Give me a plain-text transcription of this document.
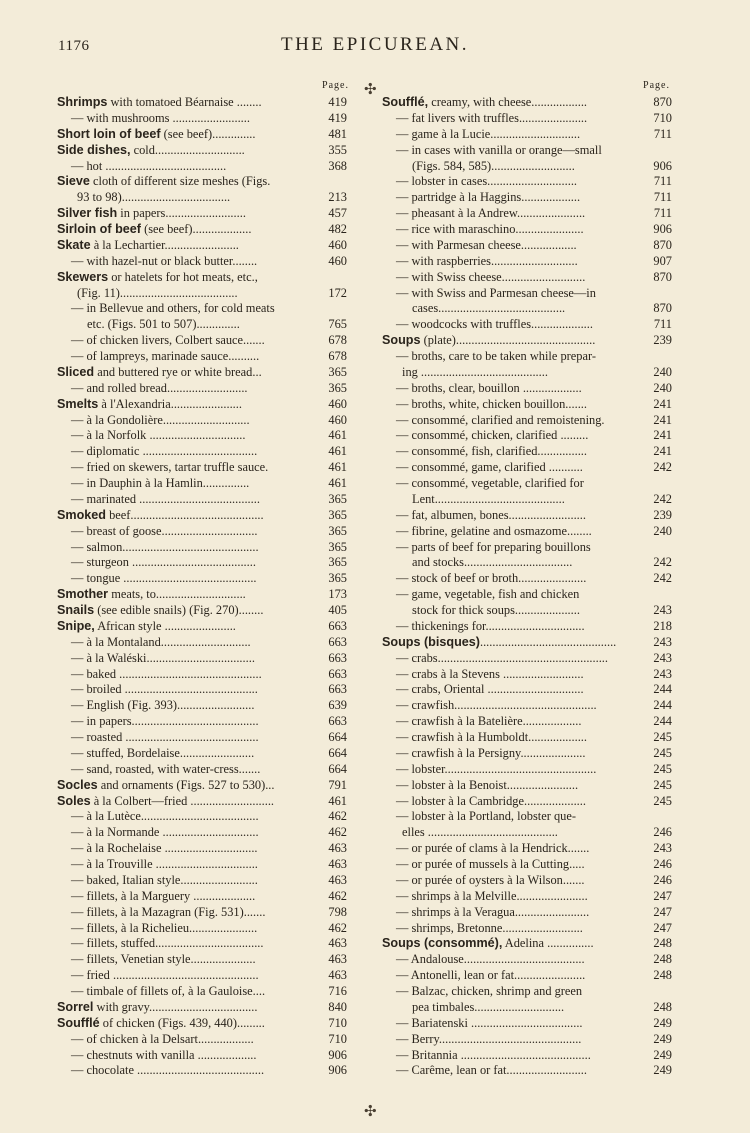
1176	THE EPICUREAN.
Page.
Shrimps with tomatoed Béarnaise ........	419
— with mushrooms .........................	419
Short loin of beef (see beef)..............	481
Side dishes, cold.............................	355
— hot .......................................	368
Sieve cloth of different size meshes (Figs.
93 to 98)...................................	213
Silver fish in papers..........................	457
Sirloin of beef (see beef)...................	482
Skate à la Lechartier........................	460
— with hazel-nut or black butter........	460
Skewers or hatelets for hot meats, etc.,
(Fig. 11)......................................	172
— in Bellevue and others, for cold meats
etc. (Figs. 501 to 507)..............	765
— of chicken livers, Colbert sauce.......	678
— of lampreys, marinade sauce..........	678
Sliced and buttered rye or white bread...	365
— and rolled bread..........................	365
Smelts à l'Alexandria.......................	460
— à la Gondolière............................	460
— à la Norfolk ...............................	461
— diplomatic .....................................	461
— fried on skewers, tartar truffle sauce.	461
— in Dauphin à la Hamlin...............	461
— marinated .......................................	365
Smoked beef...........................................	365
— breast of goose...............................	365
— salmon............................................	365
— sturgeon ........................................	365
— tongue ...........................................	365
Smother meats, to.............................	173
Snails (see edible snails) (Fig. 270)........	405
Snipe, African style .......................	663
— à la Montaland.............................	663
— à la Waléski...................................	663
— baked ..............................................	663
— broiled ...........................................	663
— English (Fig. 393).........................	639
— in papers.........................................	663
— roasted ...........................................	664
— stuffed, Bordelaise........................	664
— sand, roasted, with water-cress.......	664
Socles and ornaments (Figs. 527 to 530)...	791
Soles à la Colbert—fried ...........................	461
— à la Lutèce......................................	462
— à la Normande ...............................	462
— à la Rochelaise ..............................	463
— à la Trouville .................................	463
— baked, Italian style.........................	463
— fillets, à la Marguery ....................	462
— fillets, à la Mazagran (Fig. 531).......	798
— fillets, à la Richelieu......................	462
— fillets, stuffed...................................	463
— fillets, Venetian style.....................	463
— fried ...............................................	463
— timbale of fillets of, à la Gauloise....	716
Sorrel with gravy...................................	840
Soufflé of chicken (Figs. 439, 440).........	710
— of chicken à la Delsart..................	710
— chestnuts with vanilla ...................	906
— chocolate .........................................	906
✣
✣
Page.
Soufflé, creamy, with cheese..................	870
— fat livers with truffles......................	710
— game à la Lucie.............................	711
— in cases with vanilla or orange—small
(Figs. 584, 585)...........................	906
— lobster in cases.............................	711
— partridge à la Haggins...................	711
— pheasant à la Andrew......................	711
— rice with maraschino......................	906
— with Parmesan cheese..................	870
— with raspberries............................	907
— with Swiss cheese...........................	870
— with Swiss and Parmesan cheese—in
cases.........................................	870
— woodcocks with truffles....................	711
Soups (plate).............................................	239
— broths, care to be taken while prepar-
ing .........................................	240
— broths, clear, bouillon ...................	240
— broths, white, chicken bouillon.......	241
— consommé, clarified and remoistening.	241
— consommé, chicken, clarified .........	241
— consommé, fish, clarified................	241
— consommé, game, clarified ...........	242
— consommé, vegetable, clarified for
Lent..........................................	242
— fat, albumen, bones.........................	239
— fibrine, gelatine and osmazome........	240
— parts of beef for preparing bouillons
and stocks...................................	242
— stock of beef or broth......................	242
— game, vegetable, fish and chicken
stock for thick soups.....................	243
— thickenings for................................	218
Soups (bisques)............................................	243
— crabs.......................................................	243
— crabs à la Stevens ..........................	243
— crabs, Oriental ...............................	244
— crawfish..............................................	244
— crawfish à la Batelière...................	244
— crawfish à la Humboldt...................	245
— crawfish à la Persigny.....................	245
— lobster.................................................	245
— lobster à la Benoist.......................	245
— lobster à la Cambridge....................	245
— lobster à la Portland, lobster que-
elles ..........................................	246
— or purée of clams à la Hendrick.......	243
— or purée of mussels à la Cutting.....	246
— or purée of oysters à la Wilson.......	246
— shrimps à la Melville.......................	247
— shrimps à la Veragua........................	247
— shrimps, Bretonne..........................	247
Soups (consommé), Adelina ...............	248
— Andalouse.......................................	248
— Antonelli, lean or fat.......................	248
— Balzac, chicken, shrimp and green
pea timbales.............................	248
— Bariatenski ....................................	249
— Berry..............................................	249
— Britannia ..........................................	249
— Carême, lean or fat..........................	249
